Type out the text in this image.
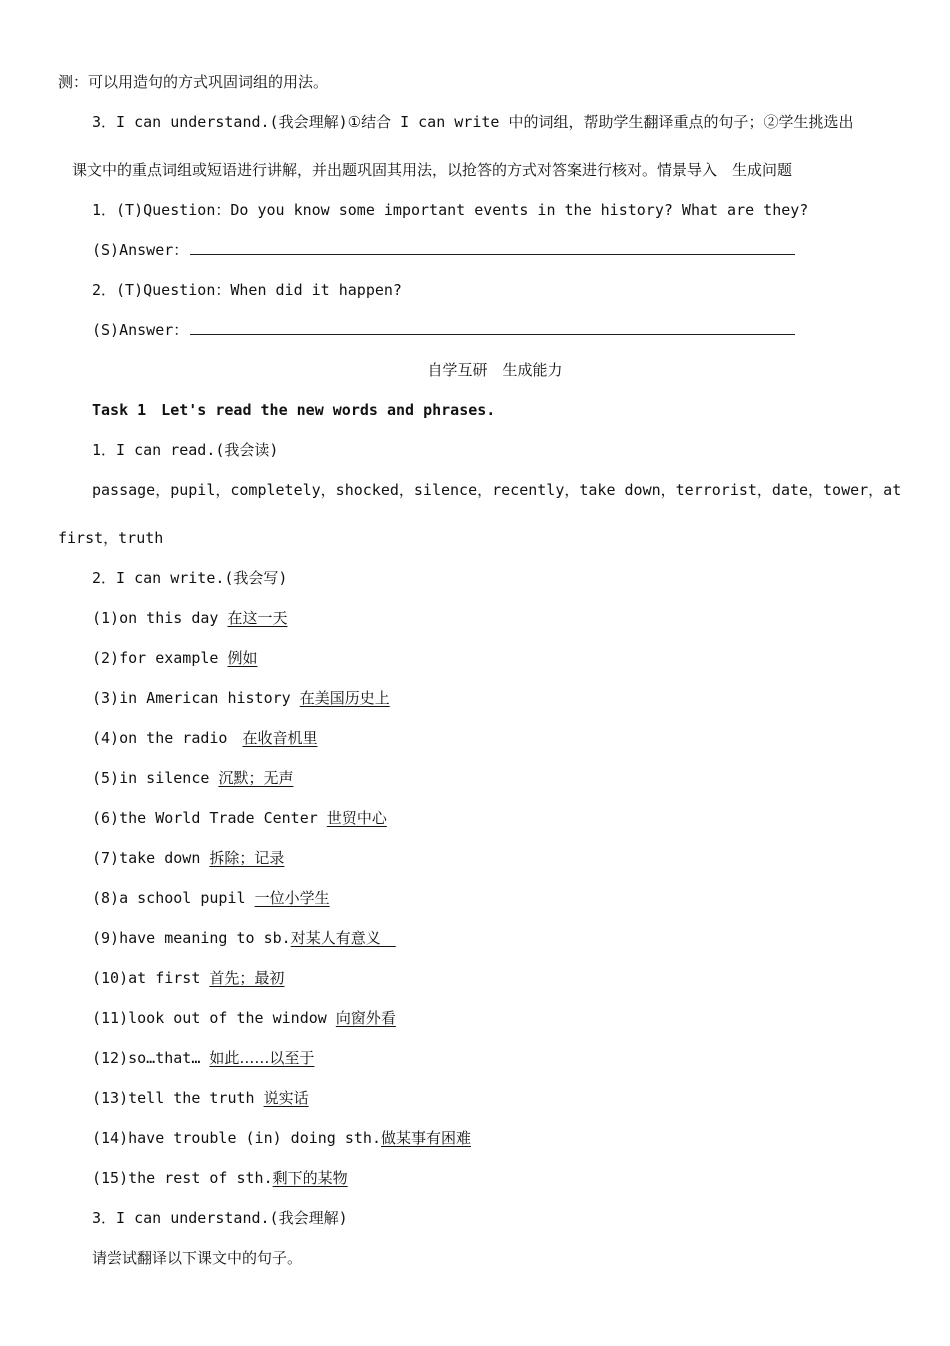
测：可以用造句的方式巩固词组的用法。
3．I can understand.(我会理解)①结合 I can write 中的词组，帮助学生翻译重点的句子；②学生挑选出
课文中的重点词组或短语进行讲解，并出题巩固其用法，以抢答的方式对答案进行核对。情景导入　生成问题
1．(T)Question：Do you know some important events in the history? What are they?
(S)Answer：
2．(T)Question：When did it happen?
(S)Answer：
自学互研　生成能力
Task 1　Let's read the new words and phrases.
1．I can read.(我会读)
passage，pupil，completely，shocked，silence，recently，take down，terrorist，date，tower，at
first，truth
2．I can write.(我会写)
(1)on this day 在这一天
(2)for example 例如
(3)in American history 在美国历史上
(4)on the radio　在收音机里
(5)in silence 沉默；无声
(6)the World Trade Center 世贸中心
(7)take down 拆除；记录
(8)a school pupil 一位小学生
(9)have meaning to sb.对某人有意义　
(10)at first 首先；最初
(11)look out of the window 向窗外看
(12)so…that… 如此……以至于
(13)tell the truth 说实话
(14)have trouble (in) doing sth.做某事有困难
(15)the rest of sth.剩下的某物
3．I can understand.(我会理解)
请尝试翻译以下课文中的句子。
